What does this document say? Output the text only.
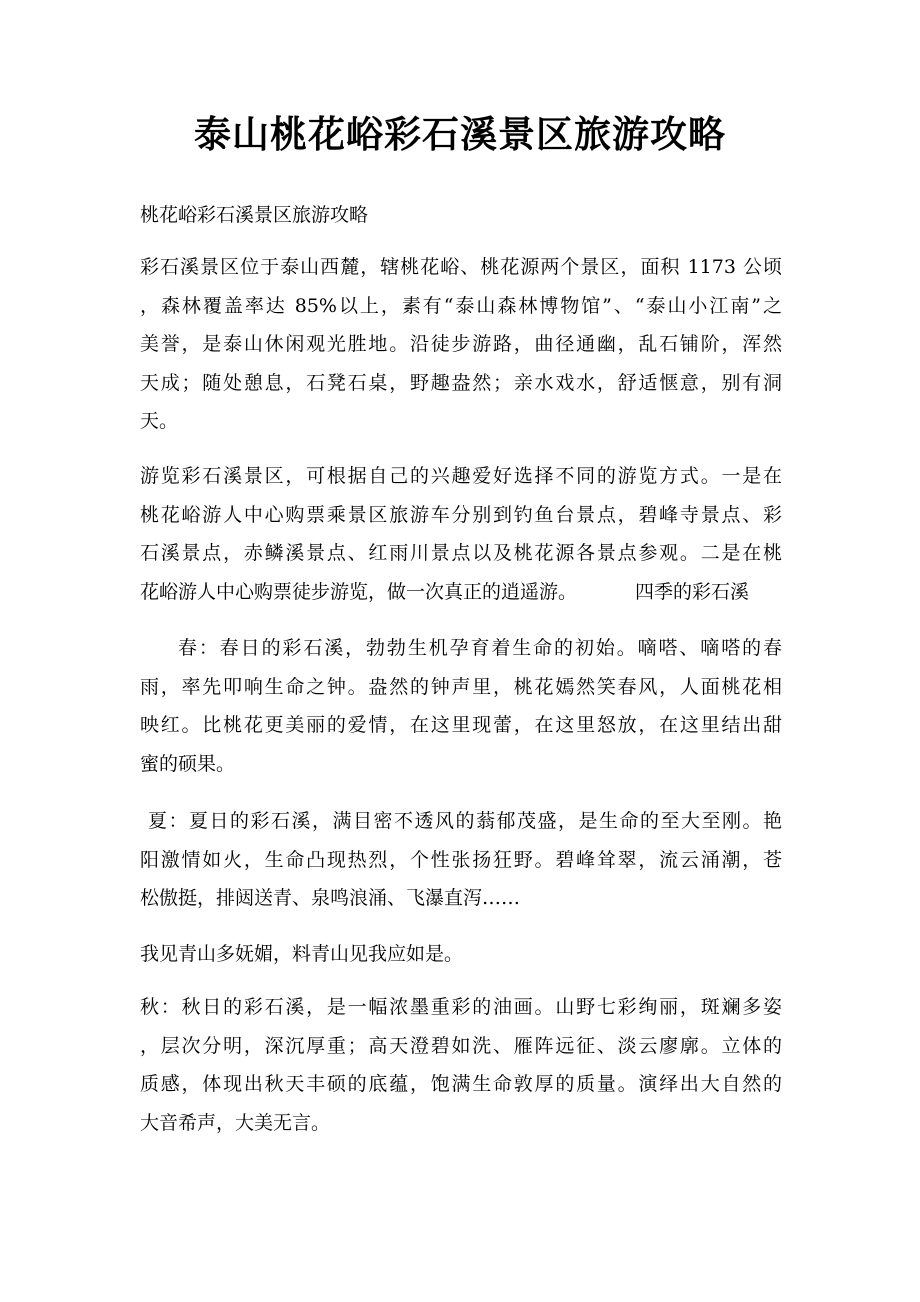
泰山桃花峪彩石溪景区旅游攻略
桃花峪彩石溪景区旅游攻略
彩石溪景区位于泰山西麓，辖桃花峪、桃花源两个景区，面积 1173 公顷
，森林覆盖率达 85%以上，素有“泰山森林博物馆”、“泰山小江南”之
美誉，是泰山休闲观光胜地。沿徒步游路，曲径通幽，乱石铺阶，浑然
天成；随处憩息，石凳石桌，野趣盎然；亲水戏水，舒适惬意，别有洞
天。
游览彩石溪景区，可根据自己的兴趣爱好选择不同的游览方式。一是在
桃花峪游人中心购票乘景区旅游车分别到钓鱼台景点，碧峰寺景点、彩
石溪景点，赤鳞溪景点、红雨川景点以及桃花源各景点参观。二是在桃
花峪游人中心购票徒步游览，做一次真正的逍遥游。	四季的彩石溪
春：春日的彩石溪，勃勃生机孕育着生命的初始。嘀嗒、嘀嗒的春
雨，率先叩响生命之钟。盎然的钟声里，桃花嫣然笑春风，人面桃花相
映红。比桃花更美丽的爱情，在这里现蕾，在这里怒放，在这里结出甜
蜜的硕果。
夏：夏日的彩石溪，满目密不透风的蓊郁茂盛，是生命的至大至刚。艳
阳激情如火，生命凸现热烈，个性张扬狂野。碧峰耸翠，流云涌潮，苍
松傲挺，排闼送青、泉鸣浪涌、飞瀑直泻……
我见青山多妩媚，料青山见我应如是。
秋：秋日的彩石溪，是一幅浓墨重彩的油画。山野七彩绚丽，斑斓多姿
，层次分明，深沉厚重；高天澄碧如洗、雁阵远征、淡云廖廓。立体的
质感，体现出秋天丰硕的底蕴，饱满生命敦厚的质量。演绎出大自然的
大音希声，大美无言。
